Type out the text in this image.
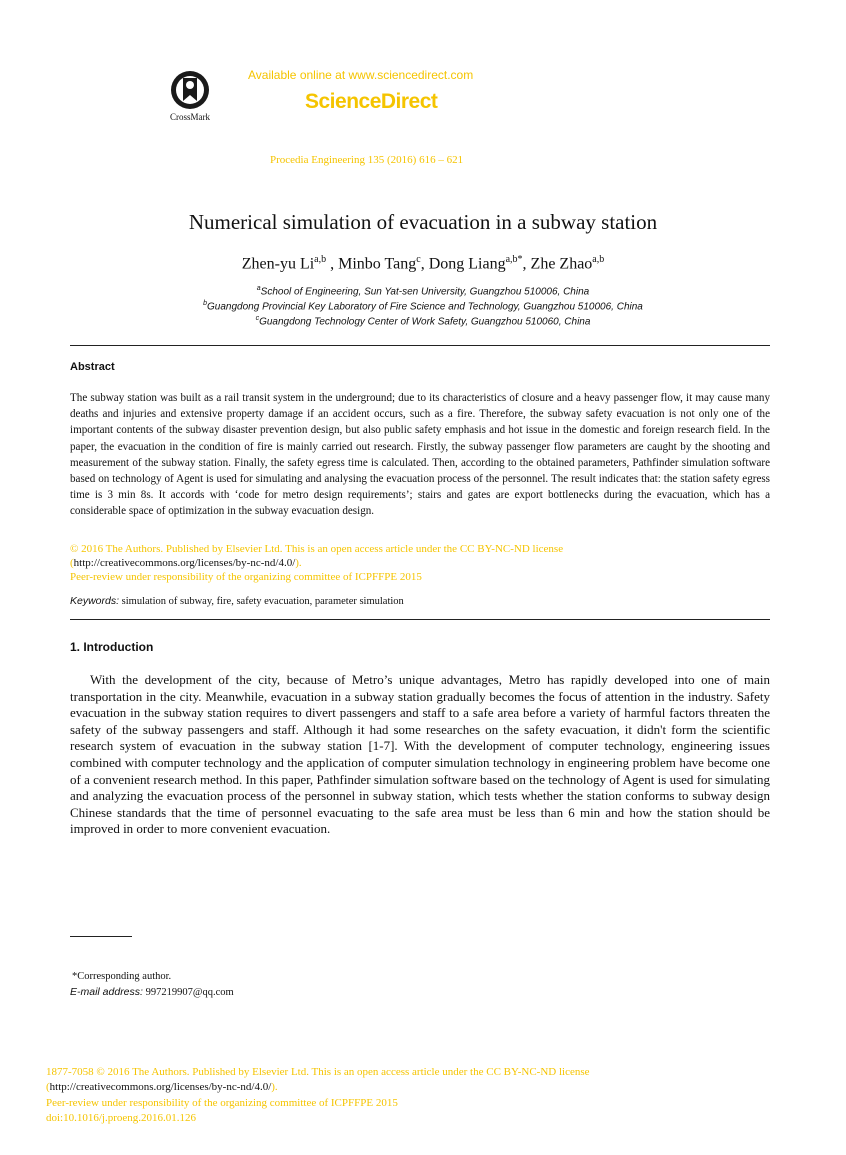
CrossMark
Available online at www.sciencedirect.com
ScienceDirect
Procedia Engineering 135 (2016) 616 – 621
Numerical simulation of evacuation in a subway station
Zhen-yu Li$^{a,b}$ , Minbo Tang$^c$, Dong Liang$^{a,b*}$, Zhe Zhao$^{a,b}$
$^a$School of Engineering, Sun Yat-sen University, Guangzhou 510006, China
$^b$Guangdong Provincial Key Laboratory of Fire Science and Technology, Guangzhou 510006, China
$^c$Guangdong Technology Center of Work Safety, Guangzhou 510060, China
Abstract
The subway station was built as a rail transit system in the underground; due to its characteristics of closure and a heavy passenger flow, it may cause many deaths and injuries and extensive property damage if an accident occurs, such as a fire. Therefore, the subway safety evacuation is not only one of the important contents of the subway disaster prevention design, but also public safety emphasis and hot issue in the domestic and foreign research field. In the paper, the evacuation in the condition of fire is mainly carried out research. Firstly, the subway passenger flow parameters are caught by the shooting and measurement of the subway station. Finally, the safety egress time is calculated. Then, according to the obtained parameters, Pathfinder simulation software based on technology of Agent is used for simulating and analysing the evacuation process of the personnel. The result indicates that: the station safety egress time is 3 min 8s. It accords with ‘code for metro design requirements’; stairs and gates are export bottlenecks during the evacuation, which has a considerable space of optimization in the subway evacuation design.
© 2016 The Authors. Published by Elsevier Ltd. This is an open access article under the CC BY-NC-ND license
(http://creativecommons.org/licenses/by-nc-nd/4.0/).
Peer-review under responsibility of the organizing committee of ICPFFPE 2015
Keywords: simulation of subway, fire, safety evacuation, parameter simulation
1. Introduction
With the development of the city, because of Metro’s unique advantages, Metro has rapidly developed into one of main transportation in the city. Meanwhile, evacuation in a subway station gradually becomes the focus of attention in the industry. Safety evacuation in the subway station requires to divert passengers and staff to a safe area before a variety of harmful factors threaten the safety of the subway passengers and staff. Although it had some researches on the safety evacuation, it didn't form the scientific research system of evacuation in the subway station [1-7]. With the development of computer technology, engineering issues combined with computer technology and the application of computer simulation technology in engineering problem have become one of a convenient research method. In this paper, Pathfinder simulation software based on the technology of Agent is used for simulating and analyzing the evacuation process of the personnel in subway station, which tests whether the station conforms to subway design Chinese standards that the time of personnel evacuating to the safe area must be less than 6 min and how the station should be improved in order to more convenient evacuation.
*Corresponding author.
E-mail address: 997219907@qq.com
1877-7058 © 2016 The Authors. Published by Elsevier Ltd. This is an open access article under the CC BY-NC-ND license
(http://creativecommons.org/licenses/by-nc-nd/4.0/).
Peer-review under responsibility of the organizing committee of ICPFFPE 2015
doi:10.1016/j.proeng.2016.01.126
